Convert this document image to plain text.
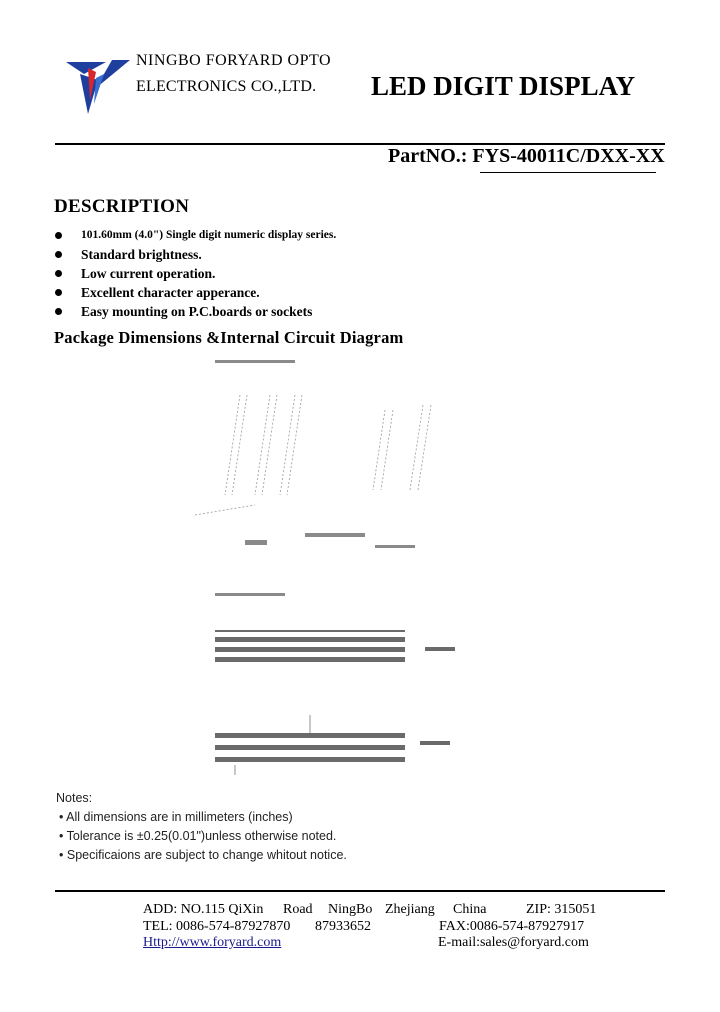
NINGBO FORYARD OPTO
ELECTRONICS CO.,LTD. LED DIGIT DISPLAY
PartNO.: FYS-40011C/DXX-XX
DESCRIPTION
101.60mm (4.0") Single digit numeric display series.
Standard brightness.
Low current operation.
Excellent character apperance.
Easy mounting on P.C.boards or sockets
Package Dimensions &Internal Circuit Diagram
Notes:
• All dimensions are in millimeters (inches)
• Tolerance is ±0.25(0.01")unless otherwise noted.
• Specificaions are subject to change whitout notice.
ADD: NO.115 QiXin Road NingBo Zhejiang China	ZIP: 315051
TEL: 0086-574-87927870 87933652	FAX:0086-574-87927917
Http://www.foryard.com	E-mail:sales@foryard.com
